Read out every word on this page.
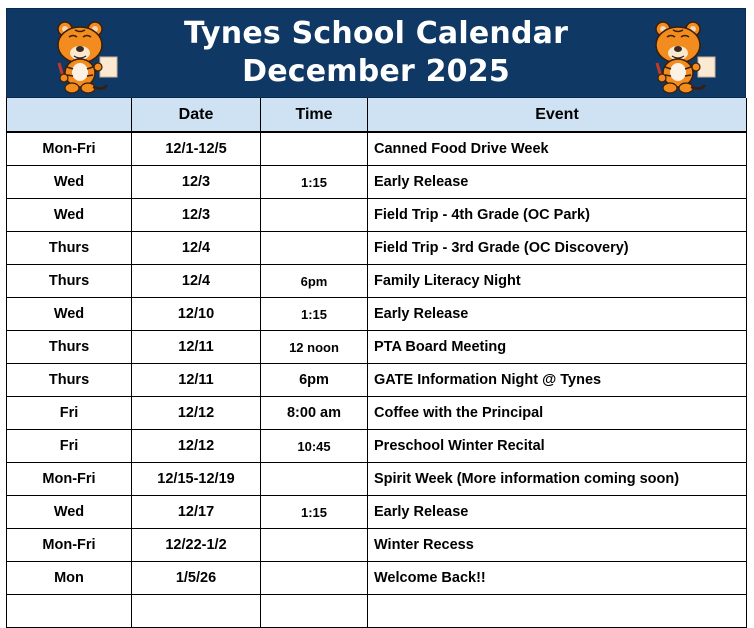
Tynes School Calendar
December 2025
	Date	Time	Event
Mon-Fri	12/1-12/5		Canned Food Drive Week
Wed	12/3	1:15	Early Release
Wed	12/3		Field Trip - 4th Grade (OC Park)
Thurs	12/4		Field Trip - 3rd Grade (OC Discovery)
Thurs	12/4	6pm	Family Literacy Night
Wed	12/10	1:15	Early Release
Thurs	12/11	12 noon	PTA Board Meeting
Thurs	12/11	6pm	GATE Information Night @ Tynes
Fri	12/12	8:00 am	Coffee with the Principal
Fri	12/12	10:45	Preschool Winter Recital
Mon-Fri	12/15-12/19		Spirit Week (More information coming soon)
Wed	12/17	1:15	Early Release
Mon-Fri	12/22-1/2		Winter Recess
Mon	1/5/26		Welcome Back!!
